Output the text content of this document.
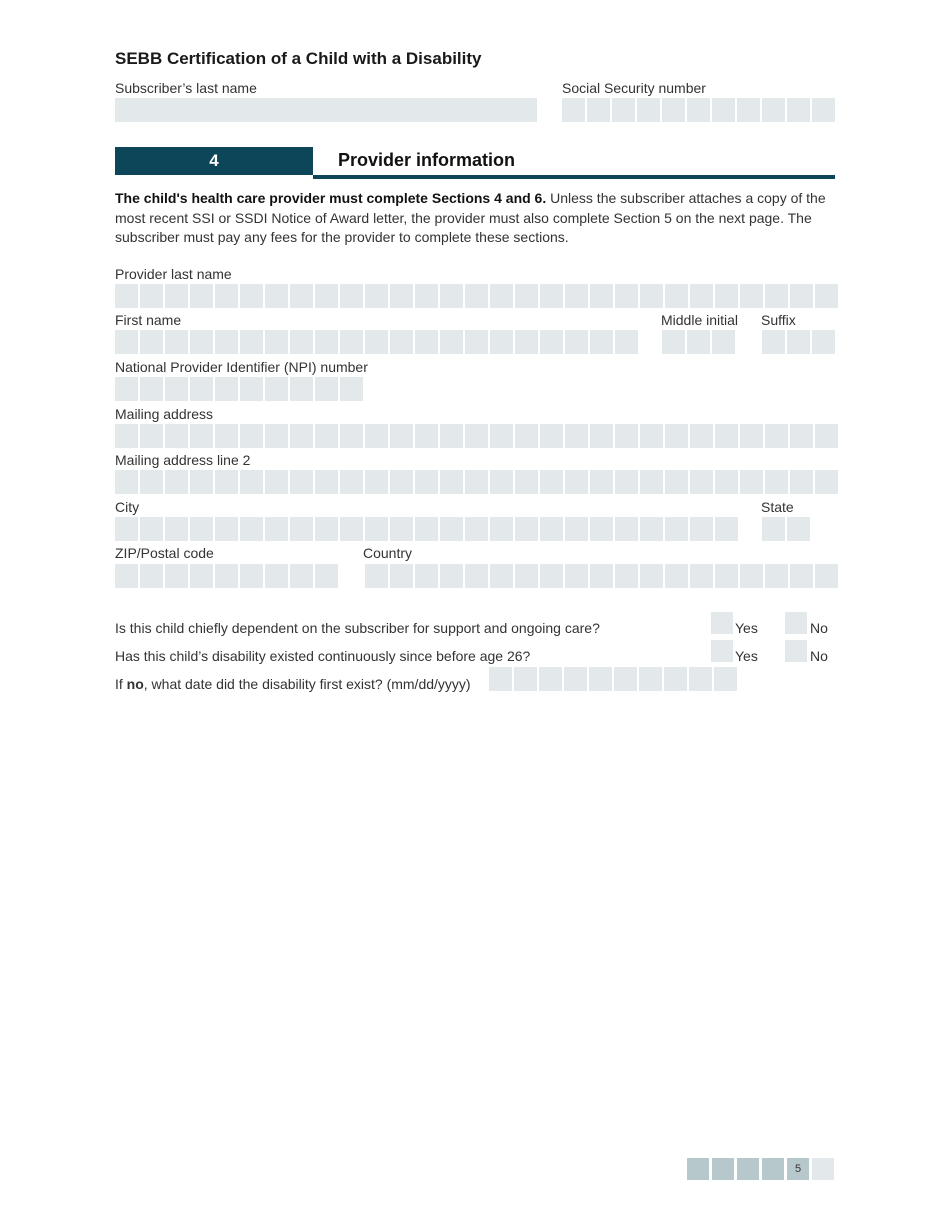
SEBB Certification of a Child with a Disability
Subscriber’s last name	Social Security number
4	Provider information
The child's health care provider must complete Sections 4 and 6. Unless the subscriber attaches a copy of the most recent SSI or SSDI Notice of Award letter, the provider must also complete Section 5 on the next page. The subscriber must pay any fees for the provider to complete these sections.
Provider last name
First name	Middle initial Suffix
National Provider Identifier (NPI) number
Mailing address
Mailing address line 2
City	State
ZIP/Postal code	Country
Is this child chiefly dependent on the subscriber for support and ongoing care?	Yes	No
Has this child’s disability existed continuously since before age 26?	Yes	No
If no, what date did the disability first exist? (mm/dd/yyyy)
5
